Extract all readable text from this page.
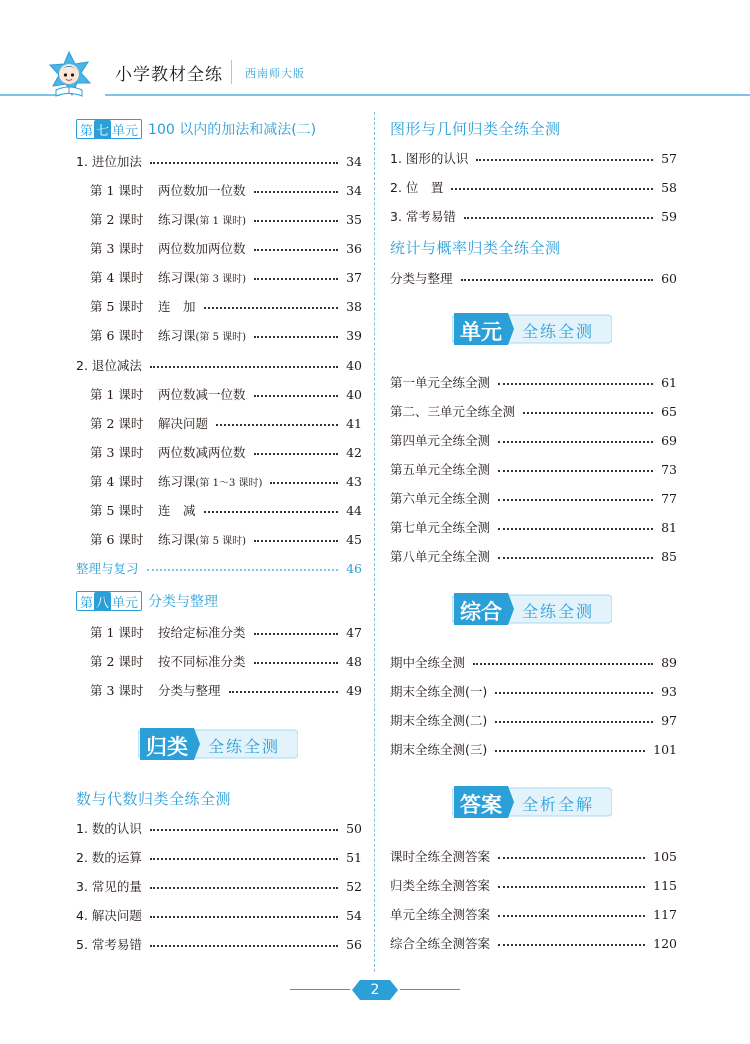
小学教材全练 西南师大版
第 七 单元 100 以内的加法和减法(二)
1. 进位加法	34
第 1 课时	两位数加一位数	34
第 2 课时	练习课 (第 1 课时)	35
第 3 课时	两位数加两位数	36
第 4 课时	练习课 (第 3 课时)	37
第 5 课时	连　加	38
第 6 课时	练习课 (第 5 课时)	39
2. 退位减法	40
第 1 课时	两位数减一位数	40
第 2 课时	解决问题	41
第 3 课时	两位数减两位数	42
第 4 课时	练习课 (第 1～3 课时)	43
第 5 课时	连　减	44
第 6 课时	练习课 (第 5 课时)	45
整理与复习	46
第 八 单元 分类与整理
第 1 课时	按给定标准分类	47
第 2 课时	按不同标准分类	48
第 3 课时	分类与整理	49
归类 全练全测
数与代数归类全练全测
1. 数的认识	50
2. 数的运算	51
3. 常见的量	52
4. 解决问题	54
5. 常考易错	56
图形与几何归类全练全测
1. 图形的认识	57
2. 位　置	58
3. 常考易错	59
统计与概率归类全练全测
分类与整理	60
单元 全练全测
第一单元全练全测	61
第二、三单元全练全测	65
第四单元全练全测	69
第五单元全练全测	73
第六单元全练全测	77
第七单元全练全测	81
第八单元全练全测	85
综合 全练全测
期中全练全测	89
期末全练全测(一)	93
期末全练全测(二)	97
期末全练全测(三)	101
答案 全析全解
课时全练全测答案	105
归类全练全测答案	115
单元全练全测答案	117
综合全练全测答案	120
2
